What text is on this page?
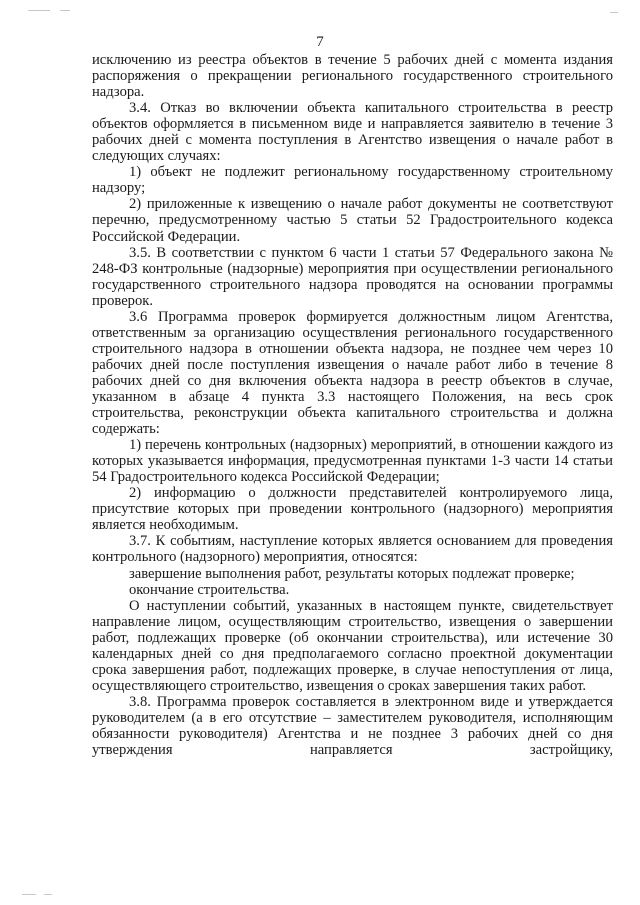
7

исключению из реестра объектов в течение 5 рабочих дней с момента издания распоряжения о прекращении регионального государственного строительного надзора.

3.4. Отказ во включении объекта капитального строительства в реестр объектов оформляется в письменном виде и направляется заявителю в течение 3 рабочих дней с момента поступления в Агентство извещения о начале работ в следующих случаях:

1) объект не подлежит региональному государственному строительному надзору;

2) приложенные к извещению о начале работ документы не соответствуют перечню, предусмотренному частью 5 статьи 52 Градостроительного кодекса Российской Федерации.

3.5. В соответствии с пунктом 6 части 1 статьи 57 Федерального закона № 248-ФЗ контрольные (надзорные) мероприятия при осуществлении регионального государственного строительного надзора проводятся на основании программы проверок.

3.6 Программа проверок формируется должностным лицом Агентства, ответственным за организацию осуществления регионального государственного строительного надзора в отношении объекта надзора, не позднее чем через 10 рабочих дней после поступления извещения о начале работ либо в течение 8 рабочих дней со дня включения объекта надзора в реестр объектов в случае, указанном в абзаце 4 пункта 3.3 настоящего Положения, на весь срок строительства, реконструкции объекта капитального строительства и должна содержать:

1) перечень контрольных (надзорных) мероприятий, в отношении каждого из которых указывается информация, предусмотренная пунктами 1-3 части 14 статьи 54 Градостроительного кодекса Российской Федерации;

2) информацию о должности представителей контролируемого лица, присутствие которых при проведении контрольного (надзорного) мероприятия является необходимым.

3.7. К событиям, наступление которых является основанием для проведения контрольного (надзорного) мероприятия, относятся:

завершение выполнения работ, результаты которых подлежат проверке;

окончание строительства.

О наступлении событий, указанных в настоящем пункте, свидетельствует направление лицом, осуществляющим строительство, извещения о завершении работ, подлежащих проверке (об окончании строительства), или истечение 30 календарных дней со дня предполагаемого согласно проектной документации срока завершения работ, подлежащих проверке, в случае непоступления от лица, осуществляющего строительство, извещения о сроках завершения таких работ.

3.8. Программа проверок составляется в электронном виде и утверждается руководителем (а в его отсутствие – заместителем руководителя, исполняющим обязанности руководителя) Агентства и не позднее 3 рабочих дней со дня утверждения направляется застройщику,
